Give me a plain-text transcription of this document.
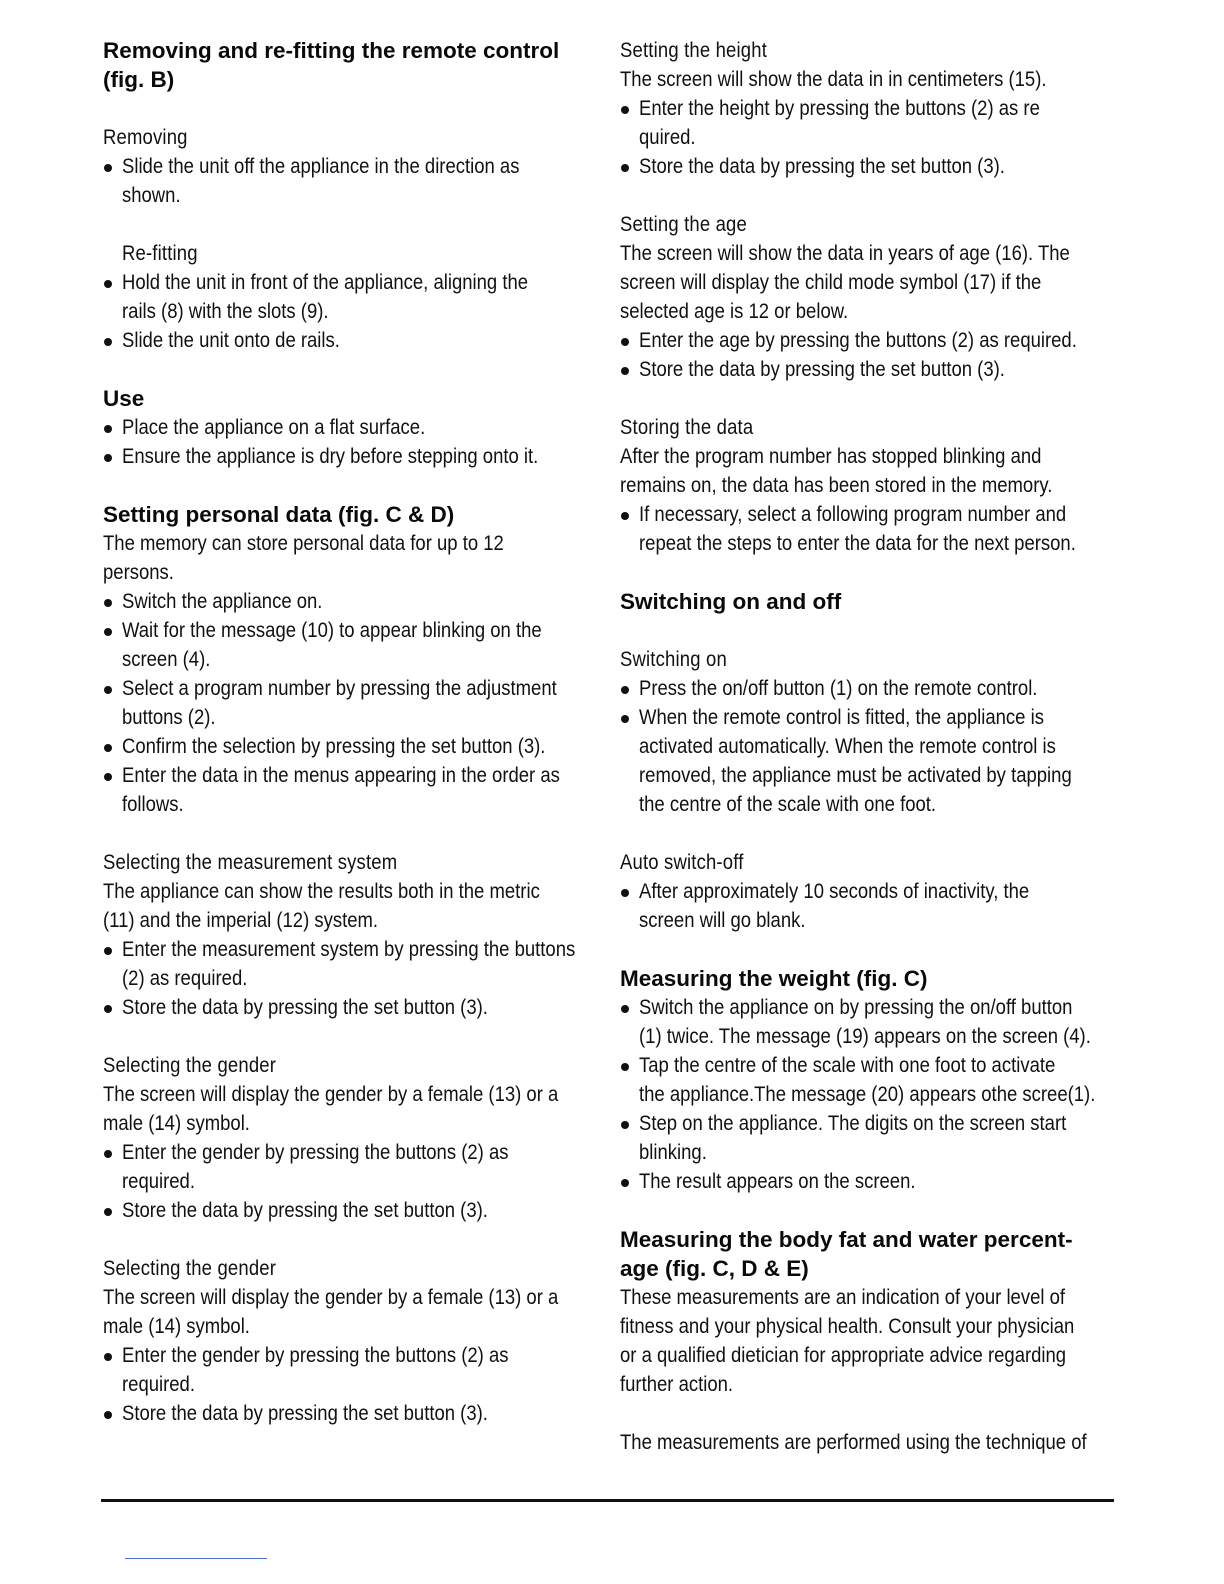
Removing and re-fitting the remote control
(fig. B)
Removing
Slide the unit off the appliance in the direction as
shown.
Re-fitting
Hold the unit in front of the appliance, aligning the
rails (8) with the slots (9).
Slide the unit onto de rails.
Use
Place the appliance on a flat surface.
Ensure the appliance is dry before stepping onto it.
Setting personal data (fig. C & D)
The memory can store personal data for up to 12
persons.
Switch the appliance on.
Wait for the message (10) to appear blinking on the
screen (4).
Select a program number by pressing the adjustment
buttons (2).
Confirm the selection by pressing the set button (3).
Enter the data in the menus appearing in the order as
follows.
Selecting the measurement system
The appliance can show the results both in the metric
(11) and the imperial (12) system.
Enter the measurement system by pressing the buttons
(2) as required.
Store the data by pressing the set button (3).
Selecting the gender
The screen will display the gender by a female (13) or a
male (14) symbol.
Enter the gender by pressing the buttons (2) as
required.
Store the data by pressing the set button (3).
Selecting the gender
The screen will display the gender by a female (13) or a
male (14) symbol.
Enter the gender by pressing the buttons (2) as
required.
Store the data by pressing the set button (3).
Setting the height
The screen will show the data in in centimeters (15).
Enter the height by pressing the buttons (2) as re
quired.
Store the data by pressing the set button (3).
Setting the age
The screen will show the data in years of age (16). The
screen will display the child mode symbol (17) if the
selected age is 12 or below.
Enter the age by pressing the buttons (2) as required.
Store the data by pressing the set button (3).
Storing the data
After the program number has stopped blinking and
remains on, the data has been stored in the memory.
If necessary, select a following program number and
repeat the steps to enter the data for the next person.
Switching on and off
Switching on
Press the on/off button (1) on the remote control.
When the remote control is fitted, the appliance is
activated automatically. When the remote control is
removed, the appliance must be activated by tapping
the centre of the scale with one foot.
Auto switch-off
After approximately 10 seconds of inactivity, the
screen will go blank.
Measuring the weight (fig. C)
Switch the appliance on by pressing the on/off button
(1) twice. The message (19) appears on the screen (4).
Tap the centre of the scale with one foot to activate
the appliance.The message (20) appears othe scree(1).
Step on the appliance. The digits on the screen start
blinking.
The result appears on the screen.
Measuring the body fat and water percent-
age (fig. C, D & E)
These measurements are an indication of your level of
fitness and your physical health. Consult your physician
or a qualified dietician for appropriate advice regarding
further action.
The measurements are performed using the technique of
